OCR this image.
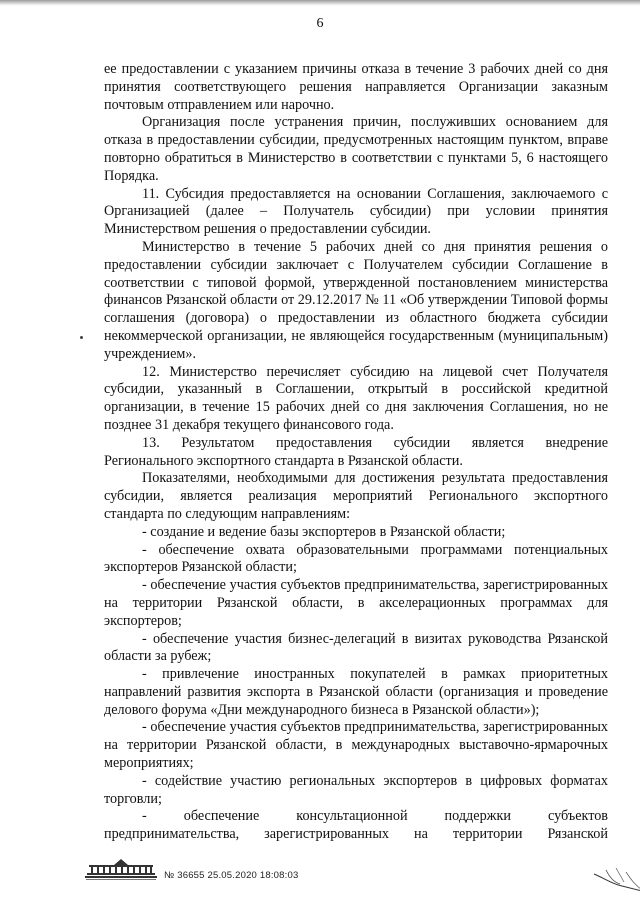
6

ее предоставлении с указанием причины отказа в течение 3 рабочих дней со дня принятия соответствующего решения направляется Организации заказным почтовым отправлением или нарочно.

Организация после устранения причин, послуживших основанием для отказа в предоставлении субсидии, предусмотренных настоящим пунктом, вправе повторно обратиться в Министерство в соответствии с пунктами 5, 6 настоящего Порядка.

11. Субсидия предоставляется на основании Соглашения, заключаемого с Организацией (далее – Получатель субсидии) при условии принятия Министерством решения о предоставлении субсидии.

Министерство в течение 5 рабочих дней со дня принятия решения о предоставлении субсидии заключает с Получателем субсидии Соглашение в соответствии с типовой формой, утвержденной постановлением министерства финансов Рязанской области от 29.12.2017 № 11 «Об утверждении Типовой формы соглашения (договора) о предоставлении из областного бюджета субсидии некоммерческой организации, не являющейся государственным (муниципальным) учреждением».

12. Министерство перечисляет субсидию на лицевой счет Получателя субсидии, указанный в Соглашении, открытый в российской кредитной организации, в течение 15 рабочих дней со дня заключения Соглашения, но не позднее 31 декабря текущего финансового года.

13. Результатом предоставления субсидии является внедрение Регионального экспортного стандарта в Рязанской области.

Показателями, необходимыми для достижения результата предоставления субсидии, является реализация мероприятий Регионального экспортного стандарта по следующим направлениям:

- создание и ведение базы экспортеров в Рязанской области;

- обеспечение охвата образовательными программами потенциальных экспортеров Рязанской области;

- обеспечение участия субъектов предпринимательства, зарегистрированных на территории Рязанской области, в акселерационных программах для экспортеров;

- обеспечение участия бизнес-делегаций в визитах руководства Рязанской области за рубеж;

- привлечение иностранных покупателей в рамках приоритетных направлений развития экспорта в Рязанской области (организация и проведение делового форума «Дни международного бизнеса в Рязанской области»);

- обеспечение участия субъектов предпринимательства, зарегистрированных на территории Рязанской области, в международных выставочно-ярмарочных мероприятиях;

- содействие участию региональных экспортеров в цифровых форматах торговли;

- обеспечение консультационной поддержки субъектов предпринимательства, зарегистрированных на территории Рязанской

№ 36655 25.05.2020 18:08:03
